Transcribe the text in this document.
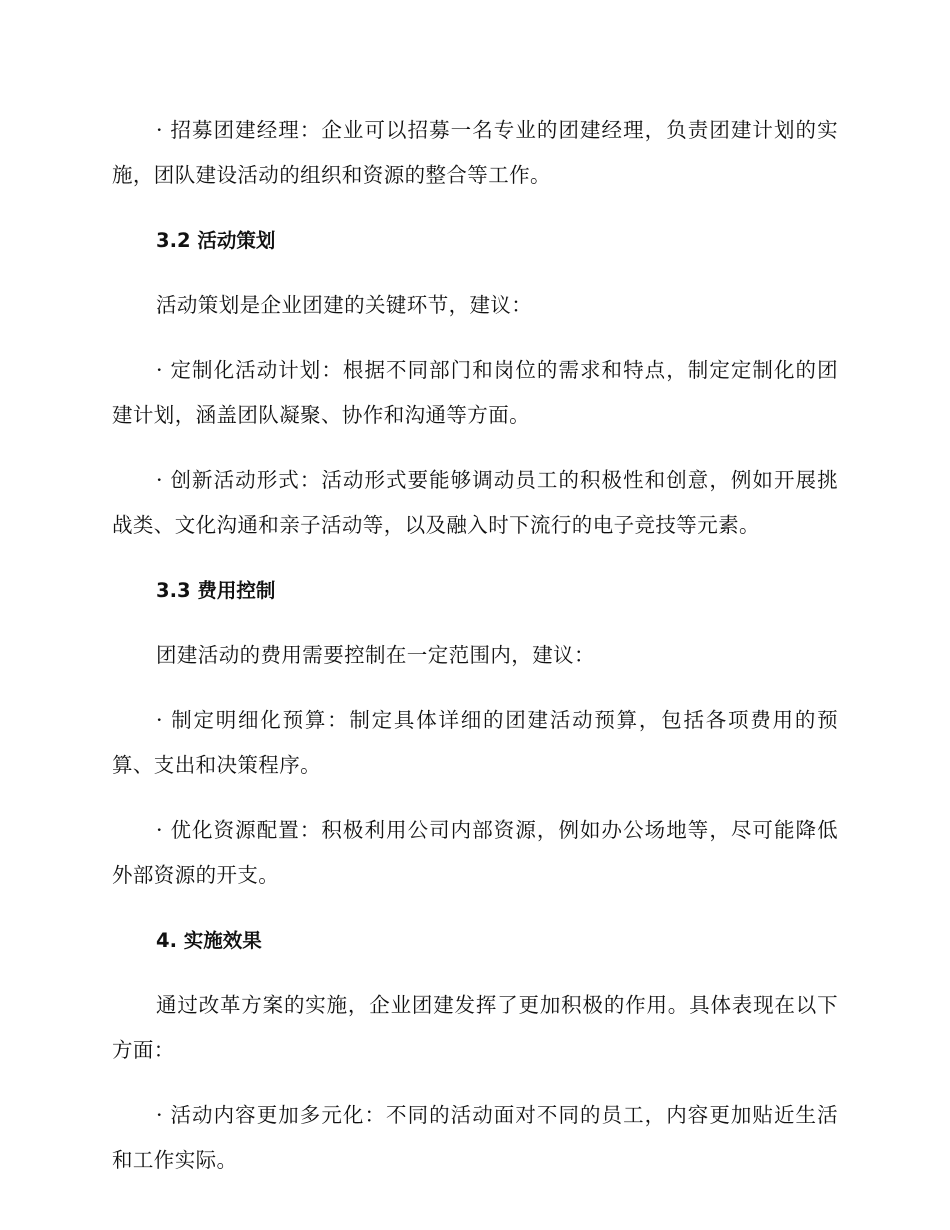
· 招募团建经理：企业可以招募一名专业的团建经理，负责团建计划的实施，团队建设活动的组织和资源的整合等工作。

3.2 活动策划

活动策划是企业团建的关键环节，建议：

· 定制化活动计划：根据不同部门和岗位的需求和特点，制定定制化的团建计划，涵盖团队凝聚、协作和沟通等方面。

· 创新活动形式：活动形式要能够调动员工的积极性和创意，例如开展挑战类、文化沟通和亲子活动等，以及融入时下流行的电子竞技等元素。

3.3 费用控制

团建活动的费用需要控制在一定范围内，建议：

· 制定明细化预算：制定具体详细的团建活动预算，包括各项费用的预算、支出和决策程序。

· 优化资源配置：积极利用公司内部资源，例如办公场地等，尽可能降低外部资源的开支。

4. 实施效果

通过改革方案的实施，企业团建发挥了更加积极的作用。具体表现在以下方面：

· 活动内容更加多元化：不同的活动面对不同的员工，内容更加贴近生活和工作实际。
